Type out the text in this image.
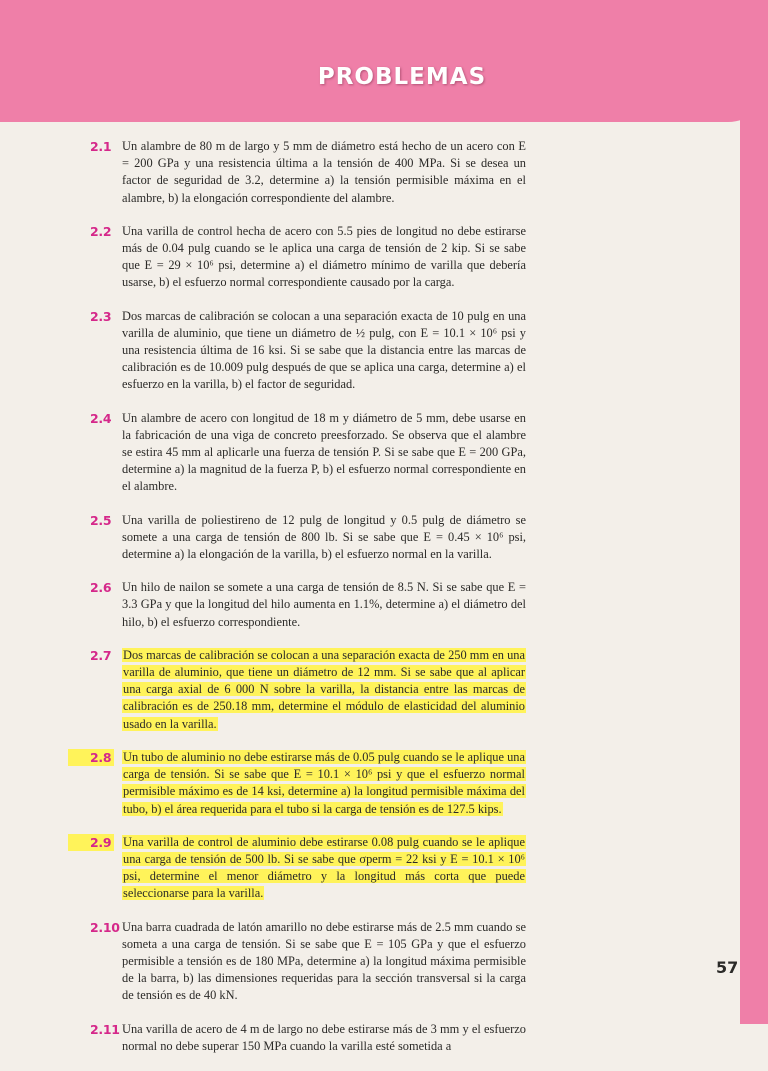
PROBLEMAS
2.1 Un alambre de 80 m de largo y 5 mm de diámetro está hecho de un acero con E = 200 GPa y una resistencia última a la tensión de 400 MPa. Si se desea un factor de seguridad de 3.2, determine a) la tensión permisible máxima en el alambre, b) la elongación correspondiente del alambre.
2.2 Una varilla de control hecha de acero con 5.5 pies de longitud no debe estirarse más de 0.04 pulg cuando se le aplica una carga de tensión de 2 kip. Si se sabe que E = 29 × 10⁶ psi, determine a) el diámetro mínimo de varilla que debería usarse, b) el esfuerzo normal correspondiente causado por la carga.
2.3 Dos marcas de calibración se colocan a una separación exacta de 10 pulg en una varilla de aluminio, que tiene un diámetro de ½ pulg, con E = 10.1 × 10⁶ psi y una resistencia última de 16 ksi. Si se sabe que la distancia entre las marcas de calibración es de 10.009 pulg después de que se aplica una carga, determine a) el esfuerzo en la varilla, b) el factor de seguridad.
2.4 Un alambre de acero con longitud de 18 m y diámetro de 5 mm, debe usarse en la fabricación de una viga de concreto preesforzado. Se observa que el alambre se estira 45 mm al aplicarle una fuerza de tensión P. Si se sabe que E = 200 GPa, determine a) la magnitud de la fuerza P, b) el esfuerzo normal correspondiente en el alambre.
2.5 Una varilla de poliestireno de 12 pulg de longitud y 0.5 pulg de diámetro se somete a una carga de tensión de 800 lb. Si se sabe que E = 0.45 × 10⁶ psi, determine a) la elongación de la varilla, b) el esfuerzo normal en la varilla.
2.6 Un hilo de nailon se somete a una carga de tensión de 8.5 N. Si se sabe que E = 3.3 GPa y que la longitud del hilo aumenta en 1.1%, determine a) el diámetro del hilo, b) el esfuerzo correspondiente.
2.7 Dos marcas de calibración se colocan a una separación exacta de 250 mm en una varilla de aluminio, que tiene un diámetro de 12 mm. Si se sabe que al aplicar una carga axial de 6 000 N sobre la varilla, la distancia entre las marcas de calibración es de 250.18 mm, determine el módulo de elasticidad del aluminio usado en la varilla.
2.8 Un tubo de aluminio no debe estirarse más de 0.05 pulg cuando se le aplique una carga de tensión. Si se sabe que E = 10.1 × 10⁶ psi y que el esfuerzo normal permisible máximo es de 14 ksi, determine a) la longitud permisible máxima del tubo, b) el área requerida para el tubo si la carga de tensión es de 127.5 kips.
2.9 Una varilla de control de aluminio debe estirarse 0.08 pulg cuando se le aplique una carga de tensión de 500 lb. Si se sabe que σperm = 22 ksi y E = 10.1 × 10⁶ psi, determine el menor diámetro y la longitud más corta que puede seleccionarse para la varilla.
2.10 Una barra cuadrada de latón amarillo no debe estirarse más de 2.5 mm cuando se someta a una carga de tensión. Si se sabe que E = 105 GPa y que el esfuerzo permisible a tensión es de 180 MPa, determine a) la longitud máxima permisible de la barra, b) las dimensiones requeridas para la sección transversal si la carga de tensión es de 40 kN.
2.11 Una varilla de acero de 4 m de largo no debe estirarse más de 3 mm y el esfuerzo normal no debe superar 150 MPa cuando la varilla esté sometida a
57
